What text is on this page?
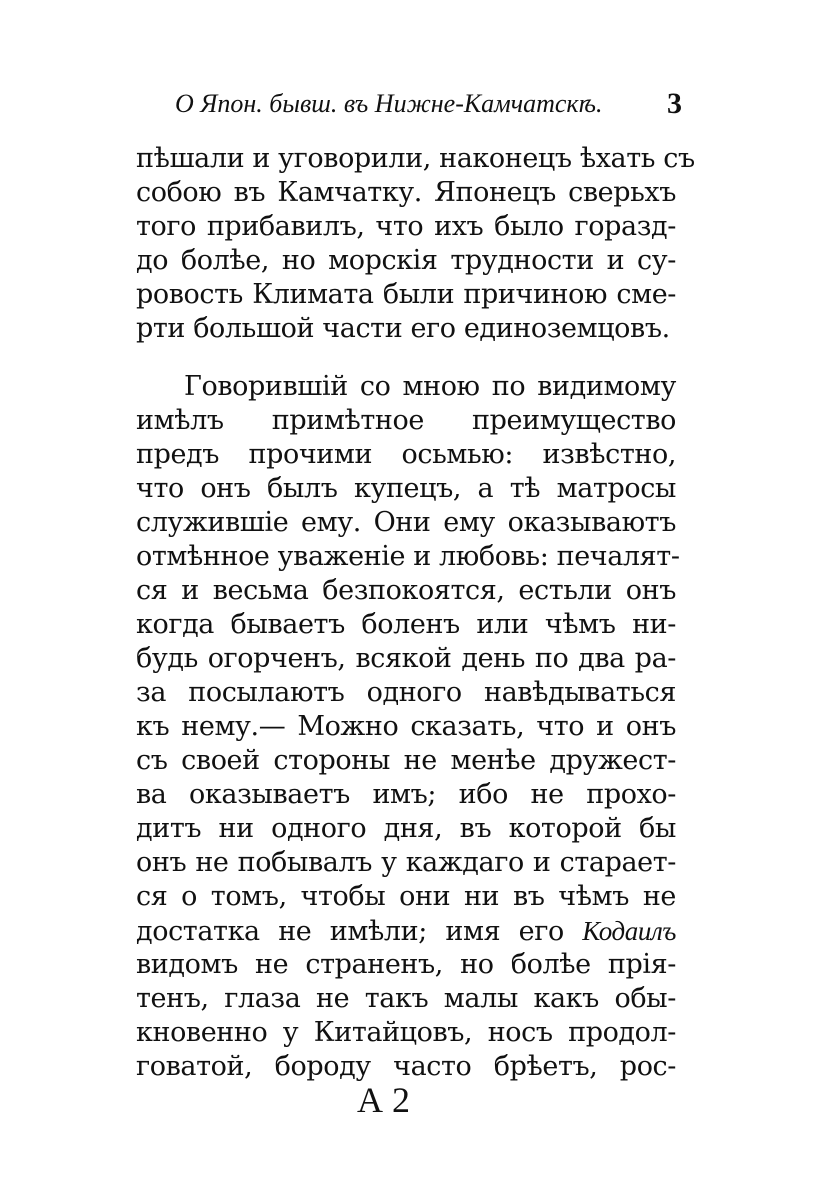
О Япон. бывш. въ Нижне-Камчатскѣ.	3
пѣшали и уговорили, наконецъ ѣхать съ
собою въ Камчатку. Японецъ сверьхъ
того прибавилъ, что ихъ было горазд-
до болѣе, но морскія трудности и су-
ровость Климата были причиною сме-
рти большой части его единоземцовъ.
Говорившій со мною по видимому
имѣлъ примѣтное преимущество
предъ прочими осьмью: извѣстно,
что онъ былъ купецъ, а тѣ матросы
служившіе ему. Они ему оказываютъ
отмѣнное уваженіе и любовь: печалят-
ся и весьма безпокоятся, естьли онъ
когда бываетъ боленъ или чѣмъ ни-
будь огорченъ, всякой день по два ра-
за посылаютъ одного навѣдываться
къ нему.— Можно сказать, что и онъ
съ своей стороны не менѣе дружест-
ва оказываетъ имъ; ибо не прохо-
дитъ ни одного дня, въ которой бы
онъ не побывалъ у каждаго и старает-
ся о томъ, чтобы они ни въ чѣмъ не
достатка не имѣли; имя его Кодаилъ
видомъ не страненъ, но болѣе прія-
тенъ, глаза не такъ малы какъ обы-
кновенно у Китайцовъ, носъ продол-
говатой, бороду часто брѣетъ, рос-
А 2
